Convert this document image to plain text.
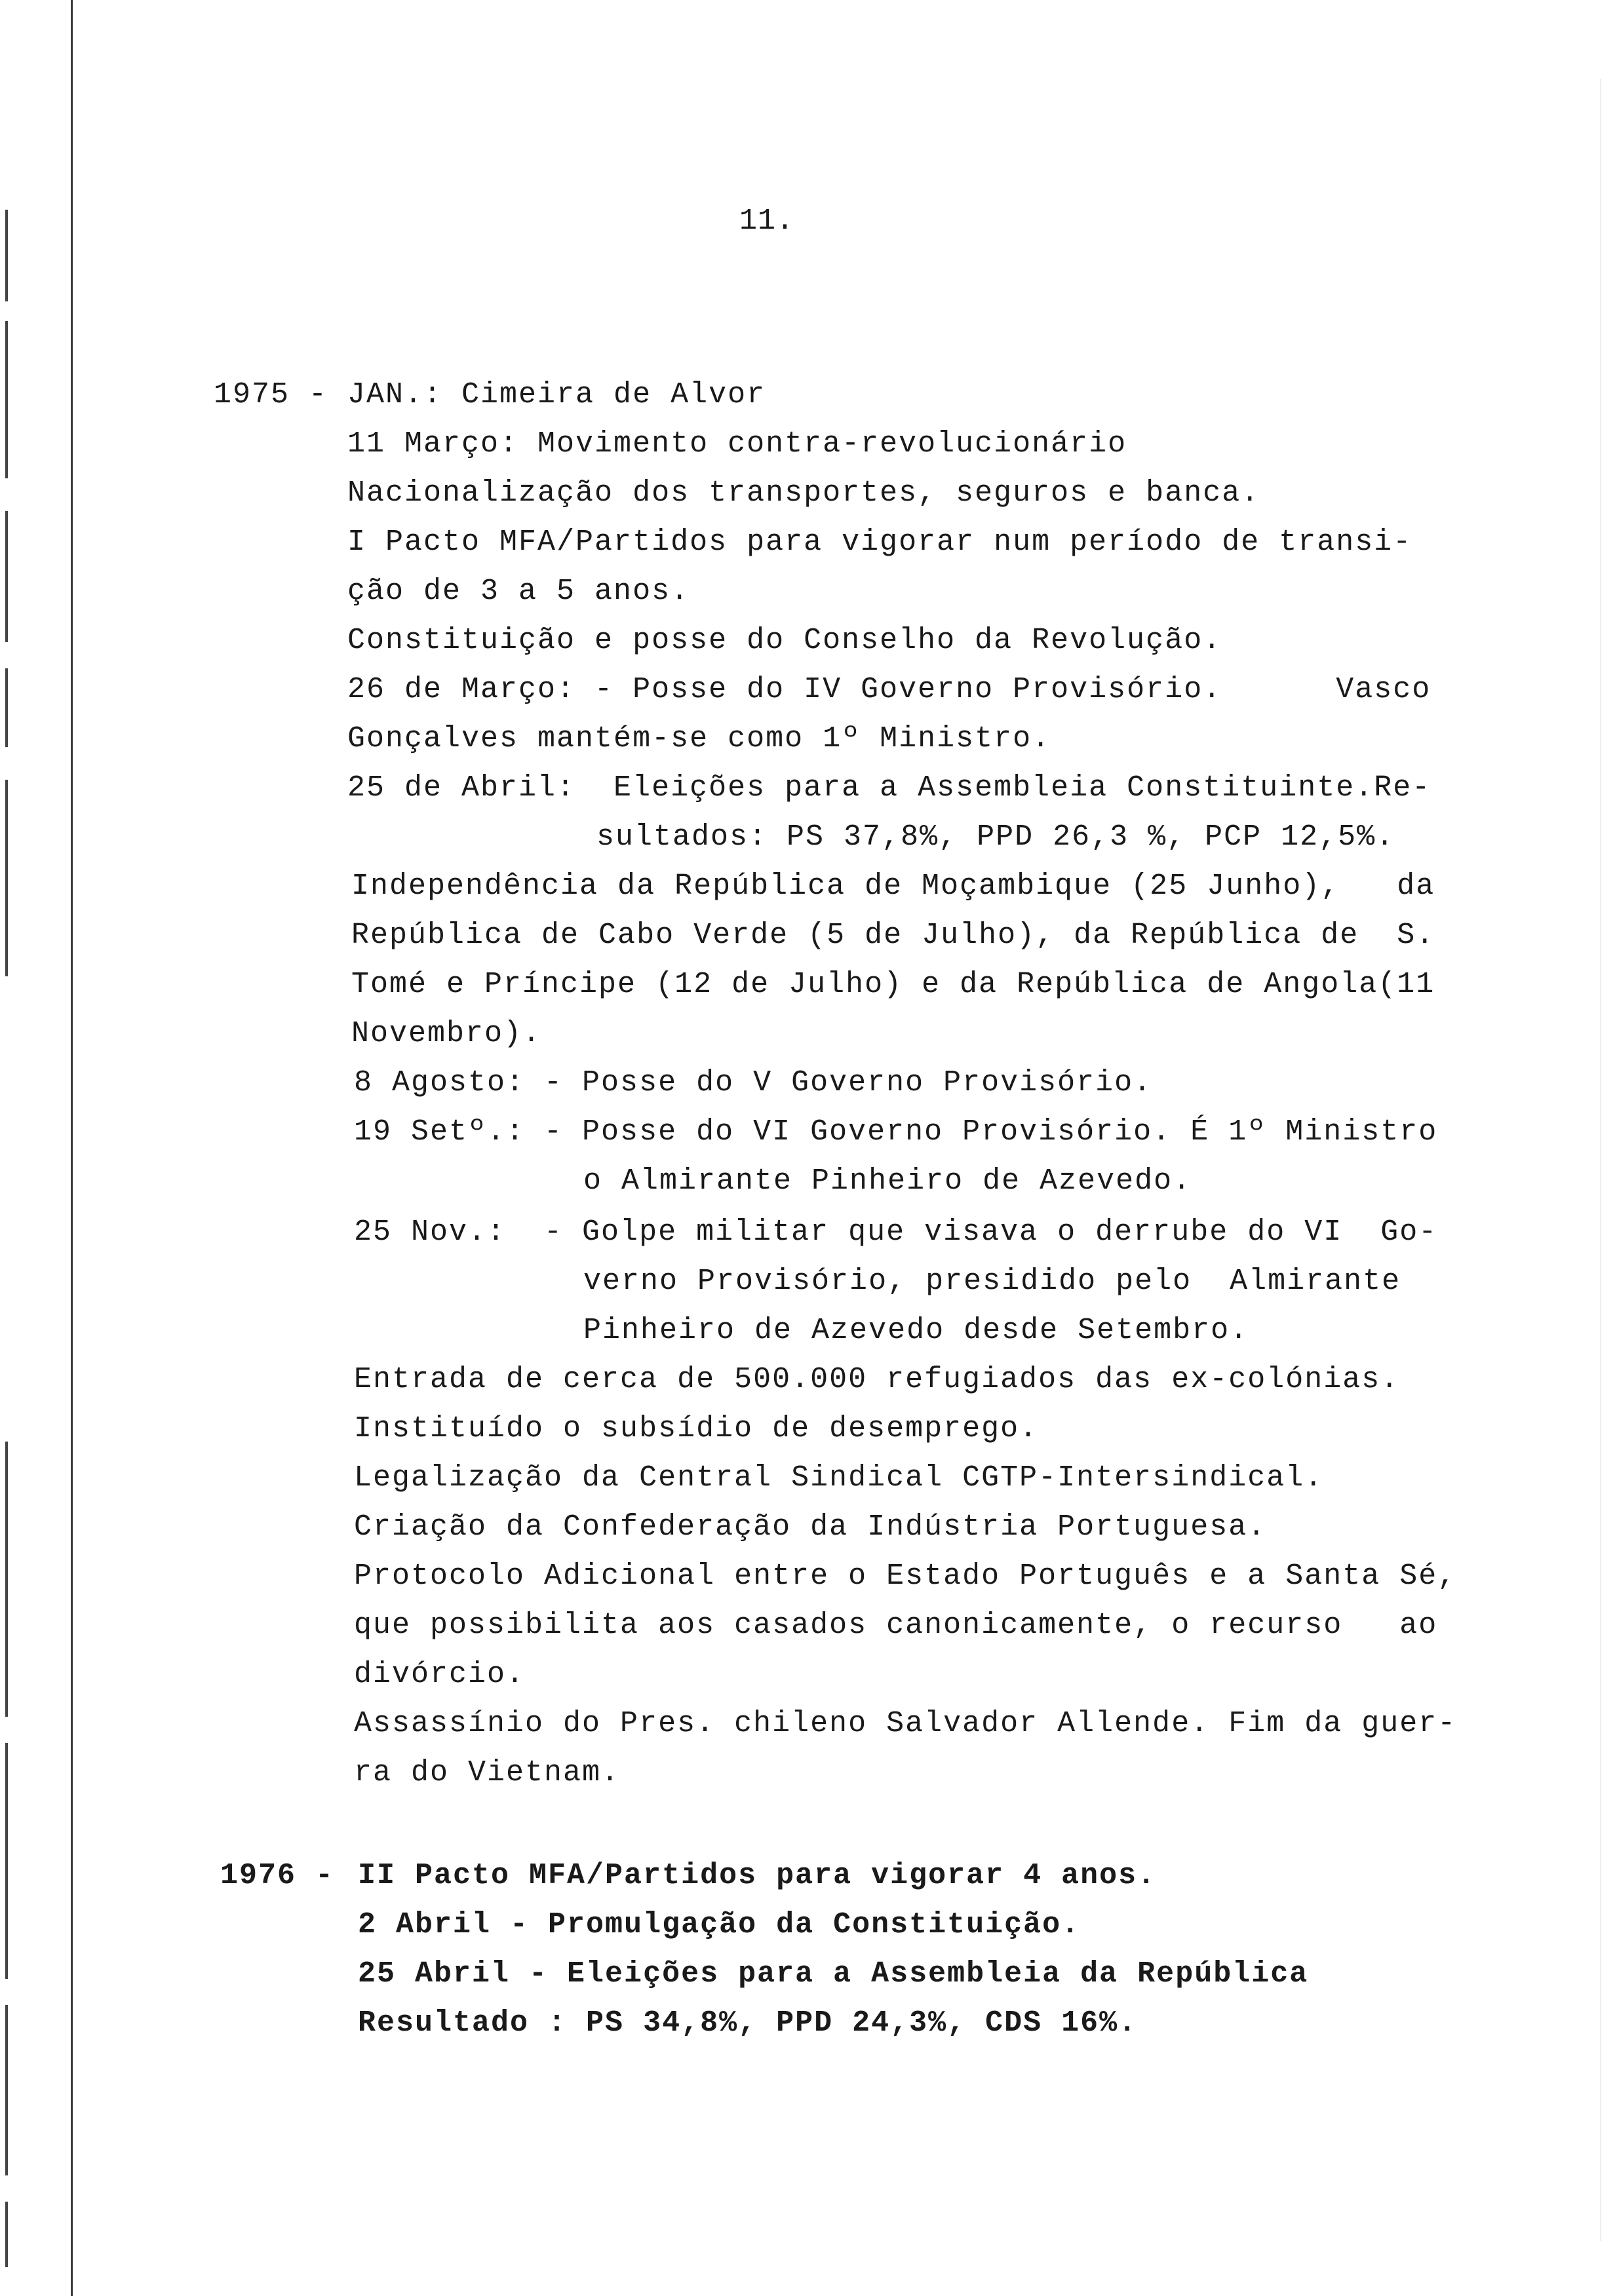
11.
1975 - JAN.: Cimeira de Alvor
11 Março: Movimento contra-revolucionário
Nacionalização dos transportes, seguros e banca.
I Pacto MFA/Partidos para vigorar num período de transi-
ção de 3 a 5 anos.
Constituição e posse do Conselho da Revolução.
26 de Março: - Posse do IV Governo Provisório.      Vasco
Gonçalves mantém-se como 1º Ministro.
25 de Abril:  Eleições para a Assembleia Constituinte.Re-
sultados: PS 37,8%, PPD 26,3 %, PCP 12,5%.
Independência da República de Moçambique (25 Junho),   da
República de Cabo Verde (5 de Julho), da República de  S.
Tomé e Príncipe (12 de Julho) e da República de Angola(11
Novembro).
8 Agosto: - Posse do V Governo Provisório.
19 Setº.: - Posse do VI Governo Provisório. É 1º Ministro
o Almirante Pinheiro de Azevedo.
25 Nov.:  - Golpe militar que visava o derrube do VI  Go-
verno Provisório, presidido pelo  Almirante
Pinheiro de Azevedo desde Setembro.
Entrada de cerca de 500.000 refugiados das ex-colónias.
Instituído o subsídio de desemprego.
Legalização da Central Sindical CGTP-Intersindical.
Criação da Confederação da Indústria Portuguesa.
Protocolo Adicional entre o Estado Português e a Santa Sé,
que possibilita aos casados canonicamente, o recurso   ao
divórcio.
Assassínio do Pres. chileno Salvador Allende. Fim da guer-
ra do Vietnam.
1976 - II Pacto MFA/Partidos para vigorar 4 anos.
2 Abril - Promulgação da Constituição.
25 Abril - Eleições para a Assembleia da República
Resultado : PS 34,8%, PPD 24,3%, CDS 16%.
